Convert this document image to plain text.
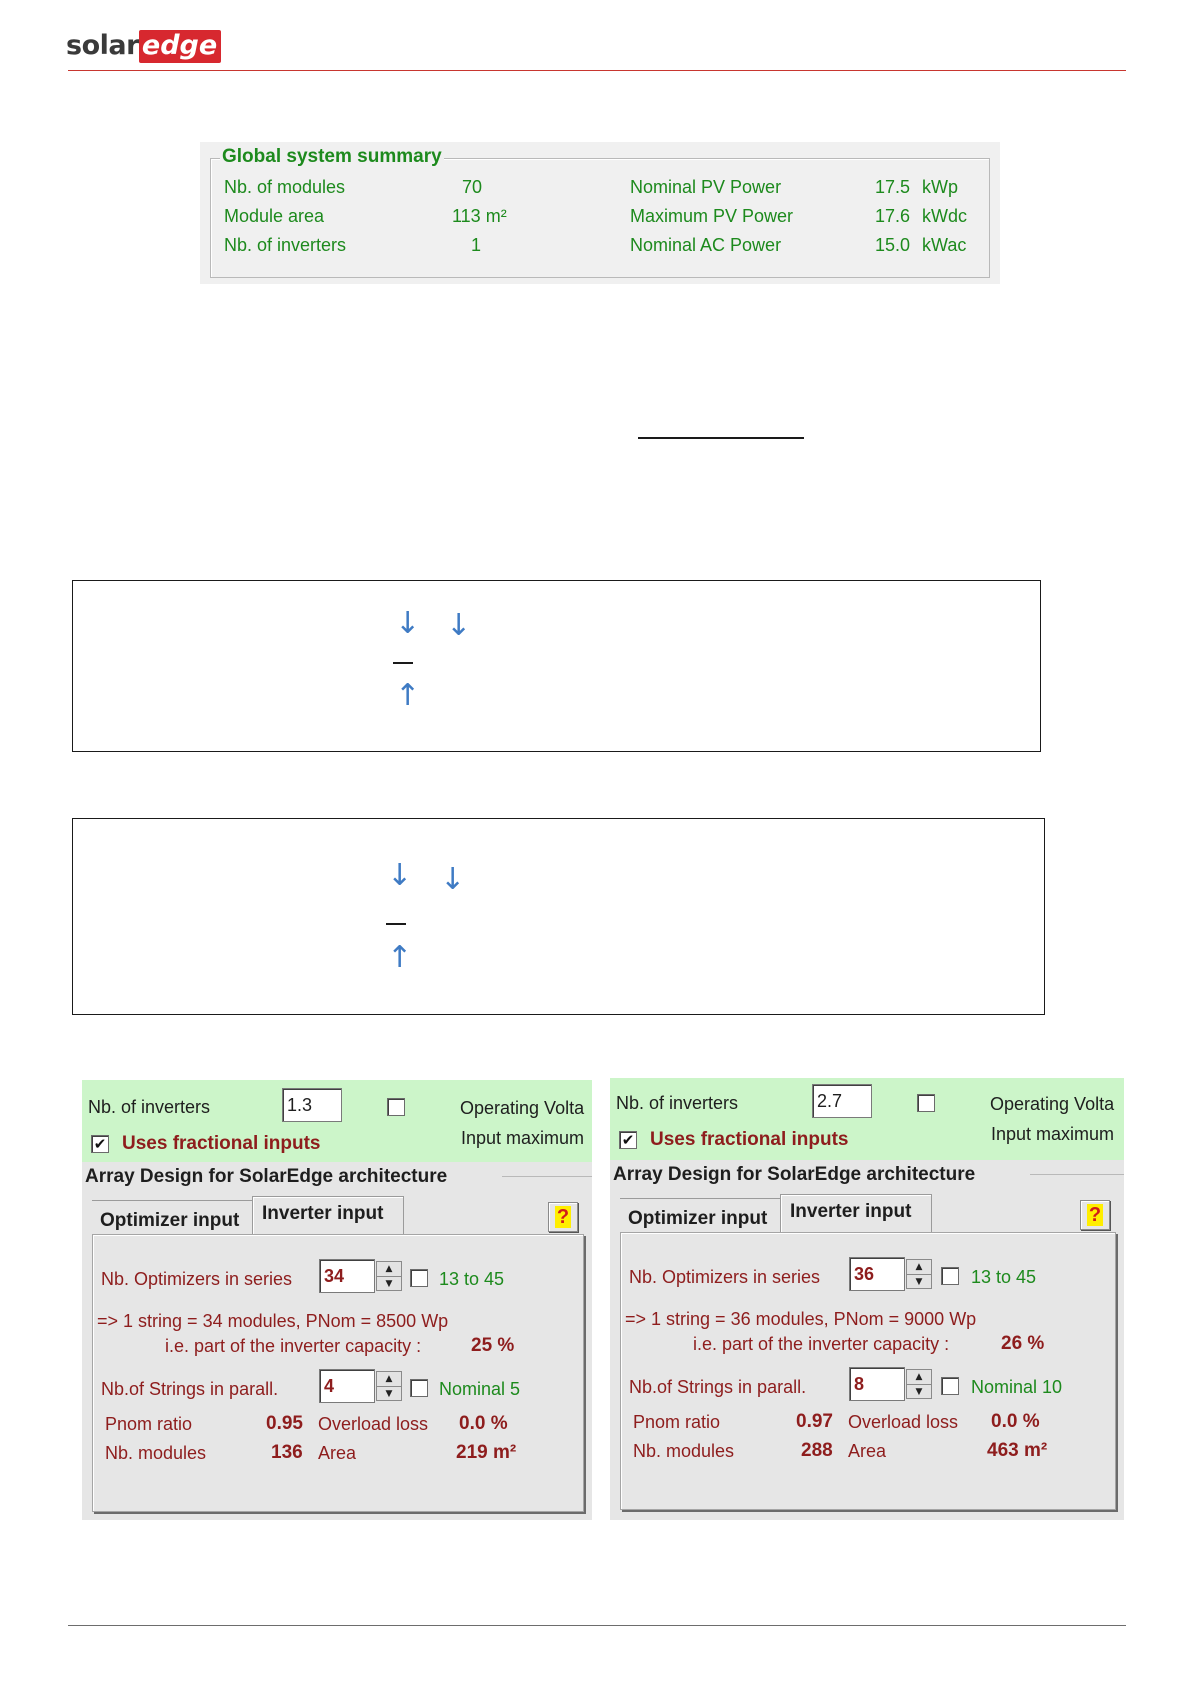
solar edge
Global system summary
Nb. of modules	70	Nominal PV Power	17.5 kWp
Module area	113 m²	Maximum PV Power	17.6 kWdc
Nb. of inverters	1	Nominal AC Power	15.0 kWac
↓ ↓
↑
↓ ↓
↑
Nb. of inverters
1.3	Operating Volta
✔ Uses fractional inputs	Input maximum
Array Design for SolarEdge architecture
Optimizer input Inverter input	?
Nb. Optimizers in series
34	▲
▼	13 to 45
=> 1 string = 34 modules, PNom = 8500 Wp
i.e. part of the inverter capacity :	25 %
Nb.of Strings in parall.
4	▲
▼	Nominal 5
Pnom ratio	0.95 Overload loss 0.0 %
Nb. modules	136 Area	219 m²
Nb. of inverters
2.7	Operating Volta
✔ Uses fractional inputs	Input maximum
Array Design for SolarEdge architecture
Optimizer input Inverter input	?
Nb. Optimizers in series
36	▲
▼	13 to 45
=> 1 string = 36 modules, PNom = 9000 Wp
i.e. part of the inverter capacity :	26 %
Nb.of Strings in parall.
8	▲
▼	Nominal 10
Pnom ratio	0.97 Overload loss 0.0 %
Nb. modules	288 Area	463 m²
